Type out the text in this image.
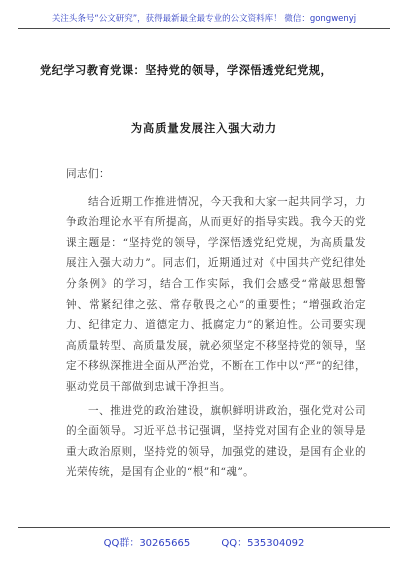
关注头条号“公文研究”，获得最新最全最专业的公文资料库！ 微信：gongwenyj
党纪学习教育党课：坚持党的领导，学深悟透党纪党规，
为高质量发展注入强大动力

同志们：

结合近期工作推进情况，今天我和大家一起共同学习，力争政治理论水平有所提高，从而更好的指导实践。我今天的党课主题是：“坚持党的领导，学深悟透党纪党规，为高质量发展注入强大动力”。同志们，近期通过对《中国共产党纪律处分条例》的学习，结合工作实际，我们会感受“常敲思想警钟、常紧纪律之弦、常存敬畏之心”的重要性；“增强政治定力、纪律定力、道德定力、抵腐定力”的紧迫性。公司要实现高质量转型、高质量发展，就必须坚定不移坚持党的领导，坚定不移纵深推进全面从严治党，不断在工作中以“严”的纪律，驱动党员干部做到忠诚干净担当。

一、推进党的政治建设，旗帜鲜明讲政治，强化党对公司的全面领导。习近平总书记强调，坚持党对国有企业的领导是重大政治原则，坚持党的领导，加强党的建设，是国有企业的光荣传统，是国有企业的“根”和“魂”。

QQ群：30265665	QQ：535304092
